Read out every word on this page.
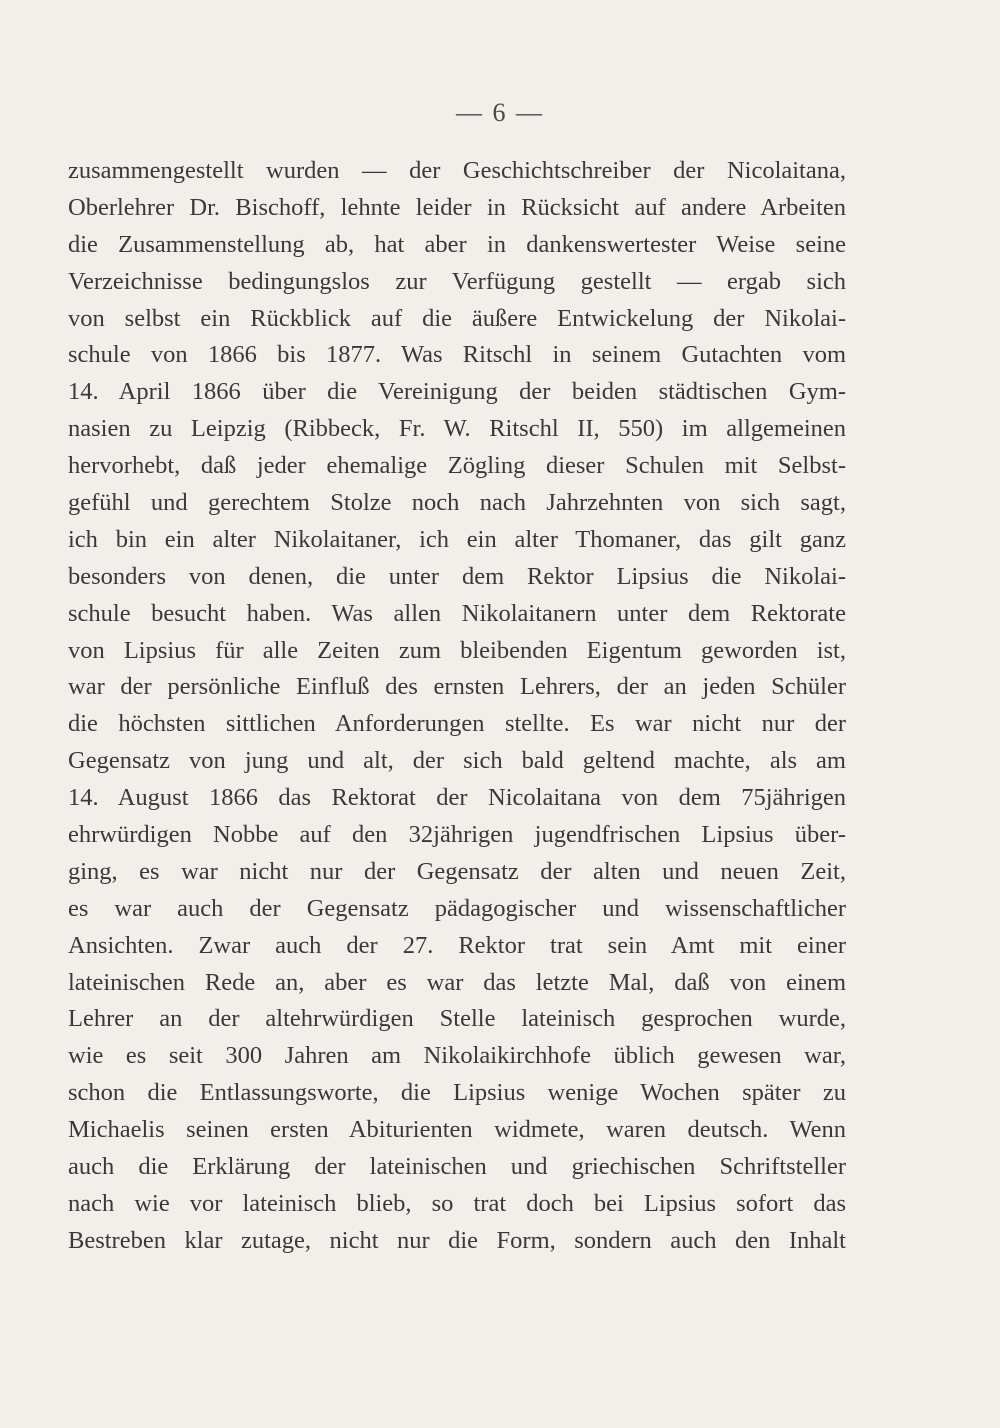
— 6 —
zusammengestellt wurden — der Geschichtschreiber der Nicolaitana,
Oberlehrer Dr. Bischoff, lehnte leider in Rücksicht auf andere Arbeiten
die Zusammenstellung ab, hat aber in dankenswertester Weise seine
Verzeichnisse bedingungslos zur Verfügung gestellt — ergab sich
von selbst ein Rückblick auf die äußere Entwickelung der Nikolai-
schule von 1866 bis 1877. Was Ritschl in seinem Gutachten vom
14. April 1866 über die Vereinigung der beiden städtischen Gym-
nasien zu Leipzig (Ribbeck, Fr. W. Ritschl II, 550) im allgemeinen
hervorhebt, daß jeder ehemalige Zögling dieser Schulen mit Selbst-
gefühl und gerechtem Stolze noch nach Jahrzehnten von sich sagt,
ich bin ein alter Nikolaitaner, ich ein alter Thomaner, das gilt ganz
besonders von denen, die unter dem Rektor Lipsius die Nikolai-
schule besucht haben. Was allen Nikolaitanern unter dem Rektorate
von Lipsius für alle Zeiten zum bleibenden Eigentum geworden ist,
war der persönliche Einfluß des ernsten Lehrers, der an jeden Schüler
die höchsten sittlichen Anforderungen stellte. Es war nicht nur der
Gegensatz von jung und alt, der sich bald geltend machte, als am
14. August 1866 das Rektorat der Nicolaitana von dem 75jährigen
ehrwürdigen Nobbe auf den 32jährigen jugendfrischen Lipsius über-
ging, es war nicht nur der Gegensatz der alten und neuen Zeit,
es war auch der Gegensatz pädagogischer und wissenschaftlicher
Ansichten. Zwar auch der 27. Rektor trat sein Amt mit einer
lateinischen Rede an, aber es war das letzte Mal, daß von einem
Lehrer an der altehrwürdigen Stelle lateinisch gesprochen wurde,
wie es seit 300 Jahren am Nikolaikirchhofe üblich gewesen war,
schon die Entlassungsworte, die Lipsius wenige Wochen später zu
Michaelis seinen ersten Abiturienten widmete, waren deutsch. Wenn
auch die Erklärung der lateinischen und griechischen Schriftsteller
nach wie vor lateinisch blieb, so trat doch bei Lipsius sofort das
Bestreben klar zutage, nicht nur die Form, sondern auch den Inhalt
